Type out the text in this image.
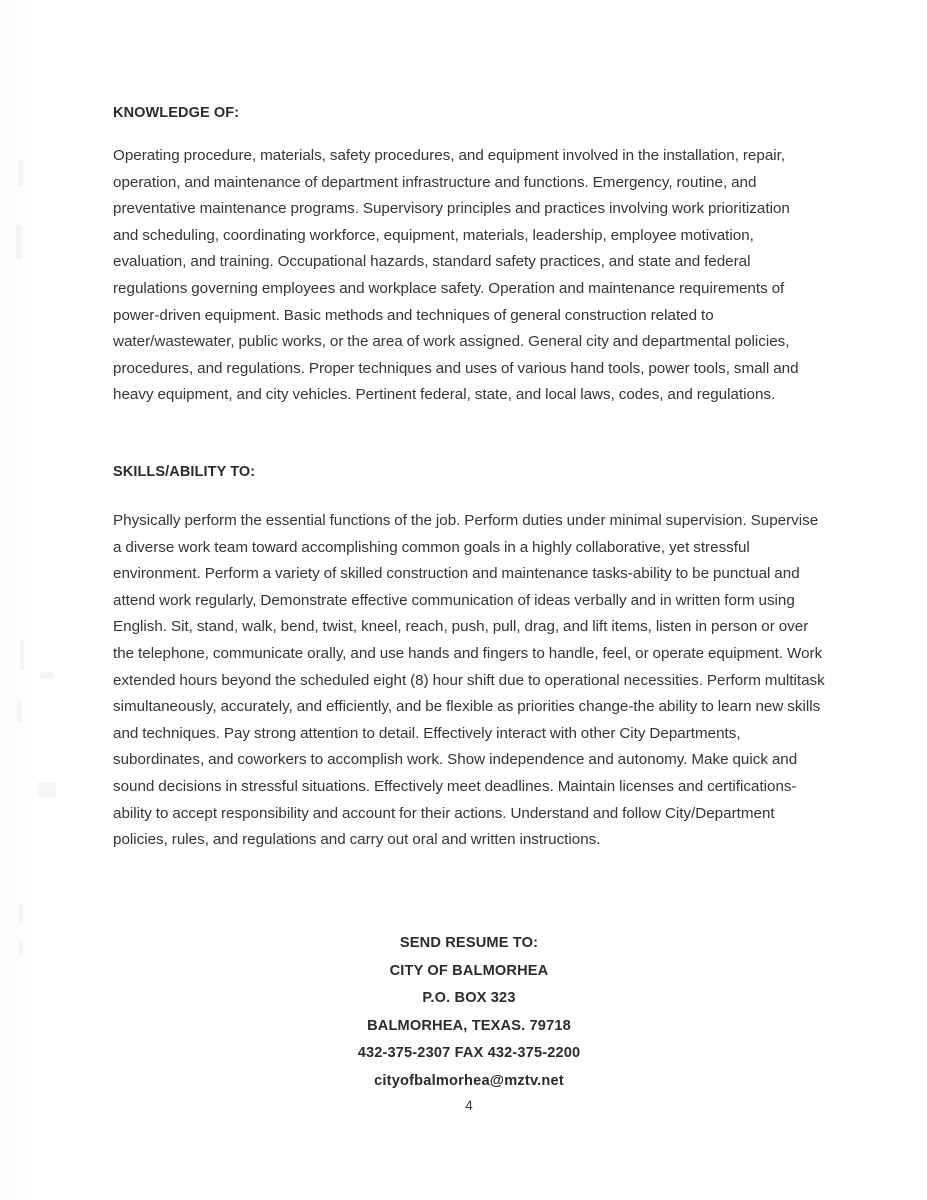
KNOWLEDGE OF:

Operating procedure, materials, safety procedures, and equipment involved in the installation, repair, operation, and maintenance of department infrastructure and functions. Emergency, routine, and preventative maintenance programs. Supervisory principles and practices involving work prioritization and scheduling, coordinating workforce, equipment, materials, leadership, employee motivation, evaluation, and training. Occupational hazards, standard safety practices, and state and federal regulations governing employees and workplace safety. Operation and maintenance requirements of power-driven equipment. Basic methods and techniques of general construction related to water/wastewater, public works, or the area of work assigned. General city and departmental policies, procedures, and regulations. Proper techniques and uses of various hand tools, power tools, small and heavy equipment, and city vehicles. Pertinent federal, state, and local laws, codes, and regulations.

SKILLS/ABILITY TO:

Physically perform the essential functions of the job. Perform duties under minimal supervision. Supervise a diverse work team toward accomplishing common goals in a highly collaborative, yet stressful environment. Perform a variety of skilled construction and maintenance tasks-ability to be punctual and attend work regularly, Demonstrate effective communication of ideas verbally and in written form using English. Sit, stand, walk, bend, twist, kneel, reach, push, pull, drag, and lift items, listen in person or over the telephone, communicate orally, and use hands and fingers to handle, feel, or operate equipment. Work extended hours beyond the scheduled eight (8) hour shift due to operational necessities. Perform multitask simultaneously, accurately, and efficiently, and be flexible as priorities change-the ability to learn new skills and techniques. Pay strong attention to detail. Effectively interact with other City Departments, subordinates, and coworkers to accomplish work. Show independence and autonomy. Make quick and sound decisions in stressful situations. Effectively meet deadlines. Maintain licenses and certifications-ability to accept responsibility and account for their actions. Understand and follow City/Department policies, rules, and regulations and carry out oral and written instructions.

SEND RESUME TO:
CITY OF BALMORHEA
P.O. BOX 323
BALMORHEA, TEXAS. 79718
432-375-2307 FAX 432-375-2200
cityofbalmorhea@mztv.net
4
